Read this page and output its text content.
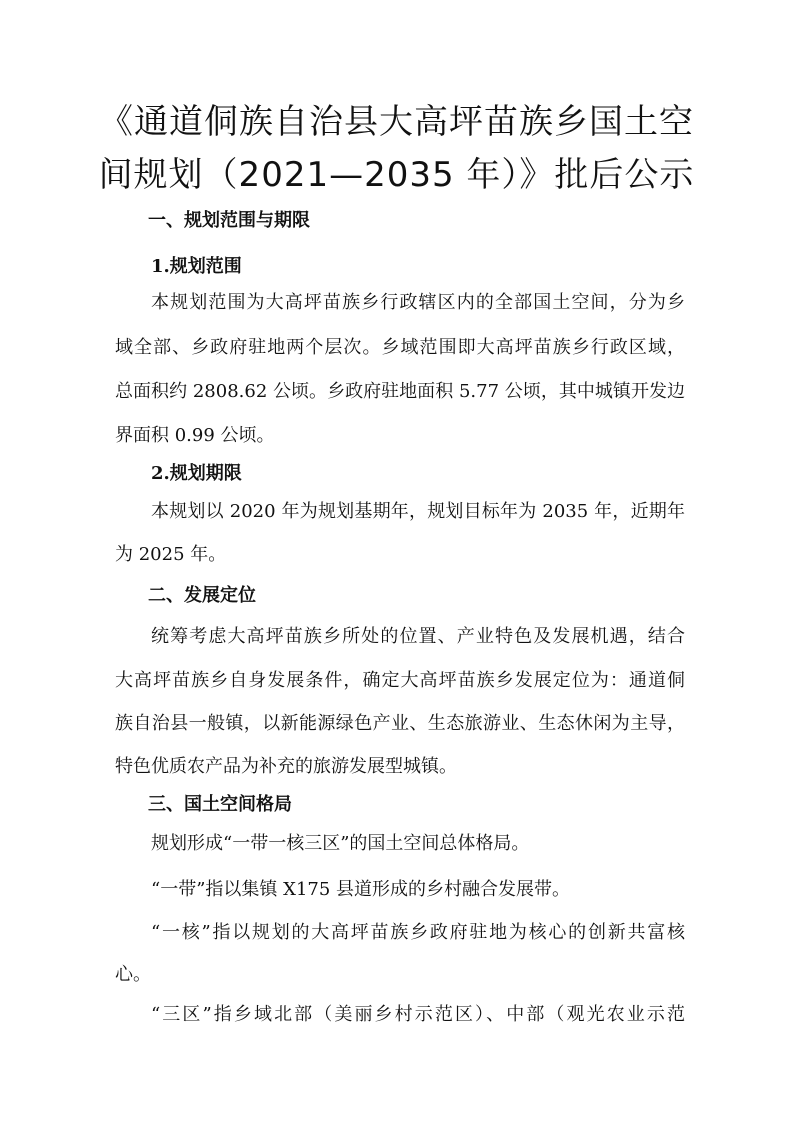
《通道侗族自治县大高坪苗族乡国土空
间规划（2021—2035 年）》批后公示
一、规划范围与期限
1.规划范围
本规划范围为大高坪苗族乡行政辖区内的全部国土空间，分为乡
域全部、乡政府驻地两个层次。乡域范围即大高坪苗族乡行政区域，
总面积约 2808.62 公顷。乡政府驻地面积 5.77 公顷，其中城镇开发边
界面积 0.99 公顷。
2.规划期限
本规划以 2020 年为规划基期年，规划目标年为 2035 年，近期年
为 2025 年。
二、发展定位
统筹考虑大高坪苗族乡所处的位置、产业特色及发展机遇，结合
大高坪苗族乡自身发展条件，确定大高坪苗族乡发展定位为：通道侗
族自治县一般镇，以新能源绿色产业、生态旅游业、生态休闲为主导，
特色优质农产品为补充的旅游发展型城镇。
三、国土空间格局
规划形成“一带一核三区”的国土空间总体格局。
“一带”指以集镇 X175 县道形成的乡村融合发展带。
“一核”指以规划的大高坪苗族乡政府驻地为核心的创新共富核
心。
“三区”指乡域北部（美丽乡村示范区）、中部（观光农业示范
